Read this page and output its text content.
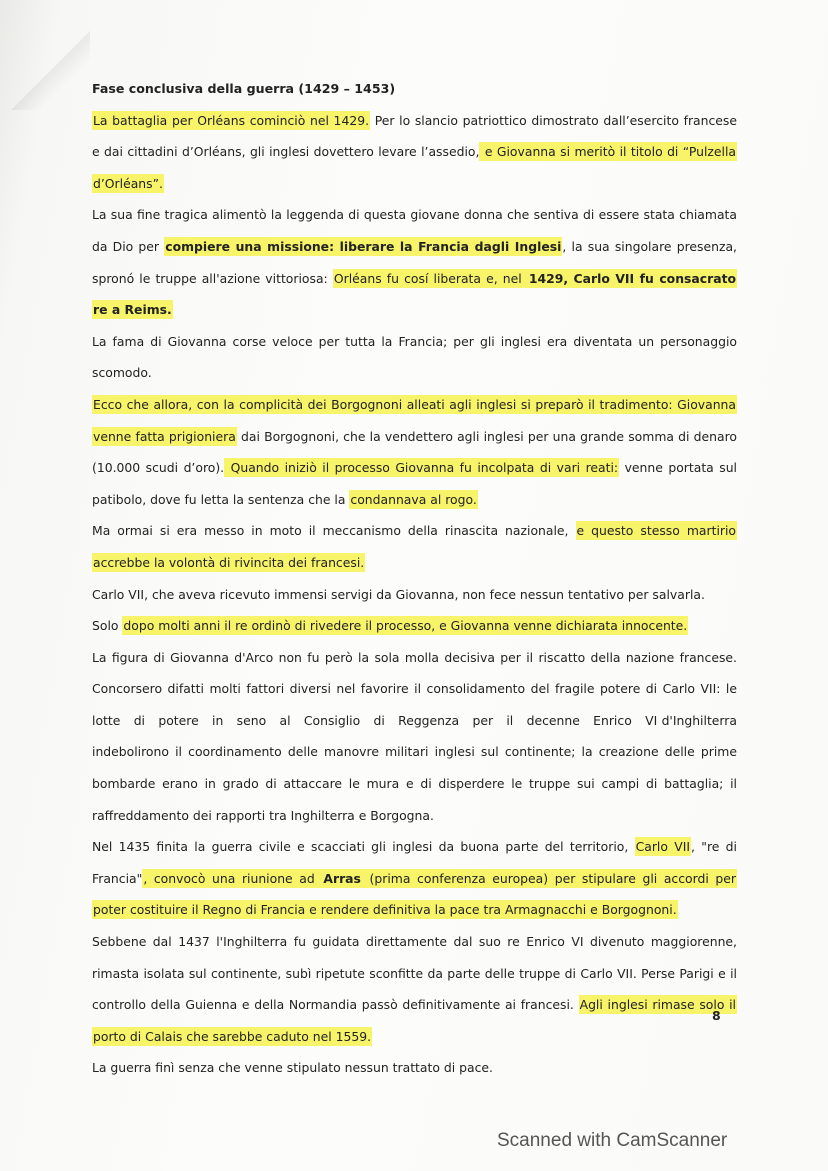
Fase conclusiva della guerra (1429 – 1453)

La battaglia per Orléans cominciò nel 1429. Per lo slancio patriottico dimostrato dall’esercito francese e dai cittadini d’Orléans, gli inglesi dovettero levare l’assedio, e Giovanna si meritò il titolo di “Pulzella d’Orléans”.

La sua fine tragica alimentò la leggenda di questa giovane donna che sentiva di essere stata chiamata da Dio per compiere una missione: liberare la Francia dagli Inglesi, la sua singolare presenza, spronó le truppe all'azione vittoriosa: Orléans fu cosí liberata e, nel 1429, Carlo VII fu consacrato re a Reims.

La fama di Giovanna corse veloce per tutta la Francia; per gli inglesi era diventata un personaggio scomodo.

Ecco che allora, con la complicità dei Borgognoni alleati agli inglesi si preparò il tradimento: Giovanna venne fatta prigioniera dai Borgognoni, che la vendettero agli inglesi per una grande somma di denaro (10.000 scudi d’oro). Quando iniziò il processo Giovanna fu incolpata di vari reati: venne portata sul patibolo, dove fu letta la sentenza che la condannava al rogo.

Ma ormai si era messo in moto il meccanismo della rinascita nazionale, e questo stesso martirio accrebbe la volontà di rivincita dei francesi.

Carlo VII, che aveva ricevuto immensi servigi da Giovanna, non fece nessun tentativo per salvarla.

Solo dopo molti anni il re ordinò di rivedere il processo, e Giovanna venne dichiarata innocente.

La figura di Giovanna d'Arco non fu però la sola molla decisiva per il riscatto della nazione francese. Concorsero difatti molti fattori diversi nel favorire il consolidamento del fragile potere di Carlo VII: le lotte di potere in seno al Consiglio di Reggenza per il decenne Enrico VI d'Inghilterra indebolirono il coordinamento delle manovre militari inglesi sul continente; la creazione delle prime bombarde erano in grado di attaccare le mura e di disperdere le truppe sui campi di battaglia; il raffreddamento dei rapporti tra Inghilterra e Borgogna.

Nel 1435 finita la guerra civile e scacciati gli inglesi da buona parte del territorio, Carlo VII, "re di Francia", convocò una riunione ad Arras (prima conferenza europea) per stipulare gli accordi per poter costituire il Regno di Francia e rendere definitiva la pace tra Armagnacchi e Borgognoni.

Sebbene dal 1437 l'Inghilterra fu guidata direttamente dal suo re Enrico VI divenuto maggiorenne, rimasta isolata sul continente, subì ripetute sconfitte da parte delle truppe di Carlo VII. Perse Parigi e il controllo della Guienna e della Normandia passò definitivamente ai francesi. Agli inglesi rimase solo il porto di Calais che sarebbe caduto nel 1559.

La guerra finì senza che venne stipulato nessun trattato di pace.

8
Scanned with CamScanner
